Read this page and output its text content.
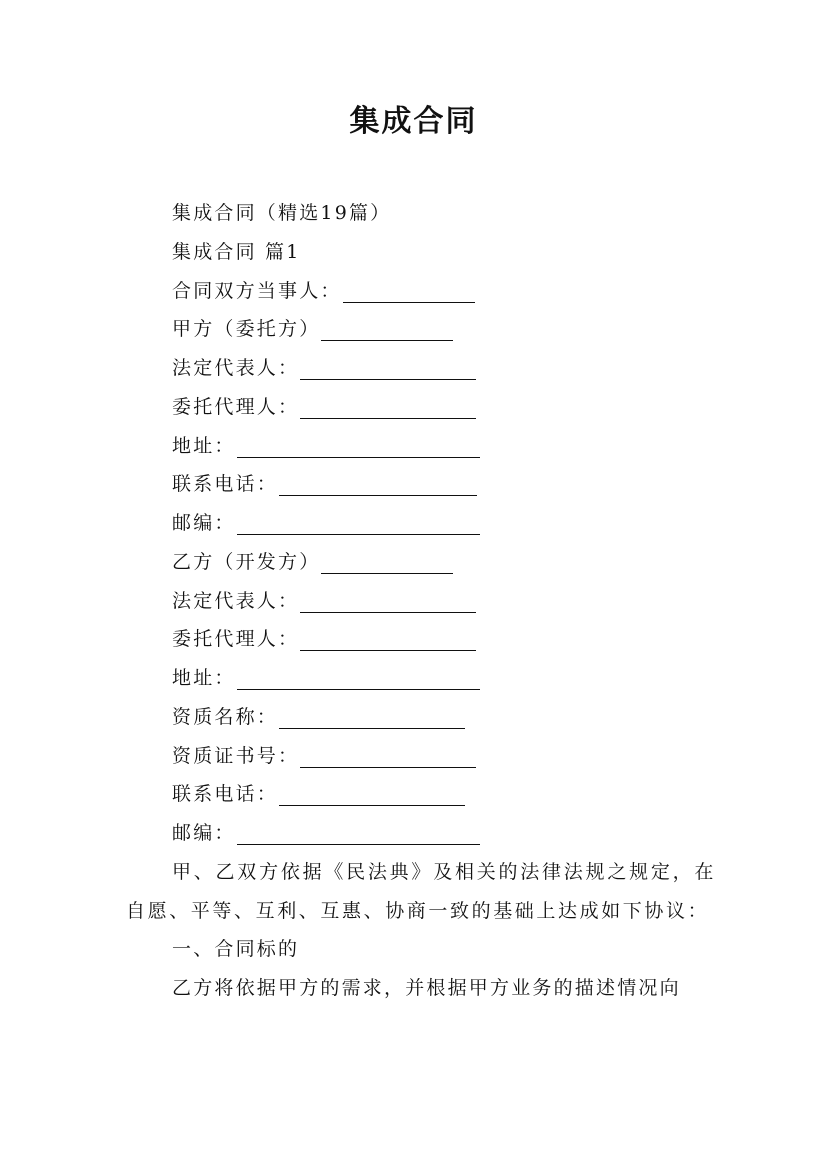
集成合同
集成合同（精选19篇）
集成合同 篇1
合同双方当事人：
甲方（委托方）
法定代表人：
委托代理人：
地址：
联系电话：
邮编：
乙方（开发方）
法定代表人：
委托代理人：
地址：
资质名称：
资质证书号：
联系电话：
邮编：
甲、乙双方依据《民法典》及相关的法律法规之规定，在自愿、平等、互利、互惠、协商一致的基础上达成如下协议：
一、合同标的
乙方将依据甲方的需求，并根据甲方业务的描述情况向
